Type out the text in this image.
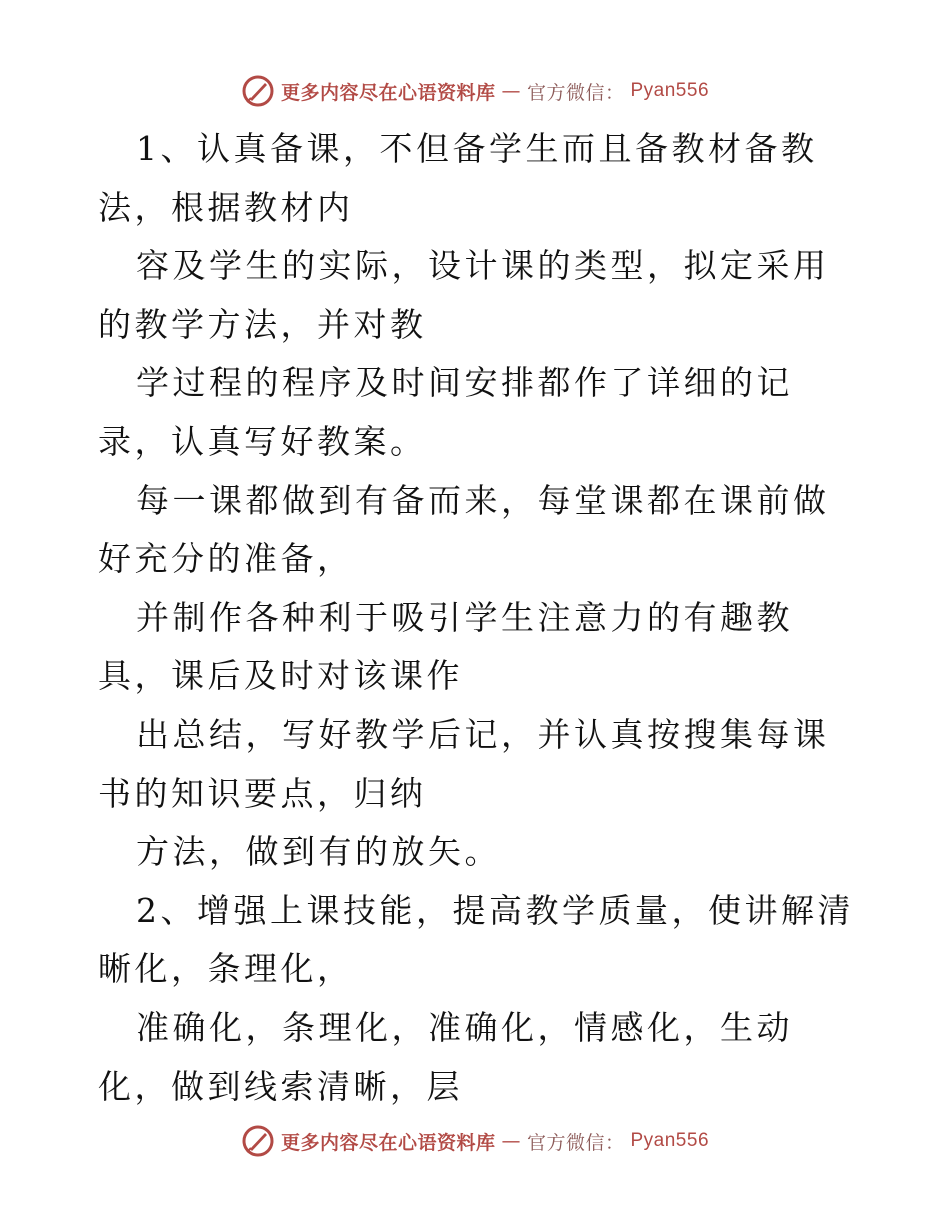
更多内容尽在心语资料库 — 官方微信： Pyan556

1、认真备课，不但备学生而且备教材备教法，根据教材内

容及学生的实际，设计课的类型，拟定采用的教学方法，并对教

学过程的程序及时间安排都作了详细的记录，认真写好教案。

每一课都做到有备而来，每堂课都在课前做好充分的准备，

并制作各种利于吸引学生注意力的有趣教具，课后及时对该课作

出总结，写好教学后记，并认真按搜集每课书的知识要点，归纳

方法，做到有的放矢。

2、增强上课技能，提高教学质量，使讲解清晰化，条理化，

准确化，条理化，准确化，情感化，生动化，做到线索清晰，层

更多内容尽在心语资料库 — 官方微信： Pyan556
